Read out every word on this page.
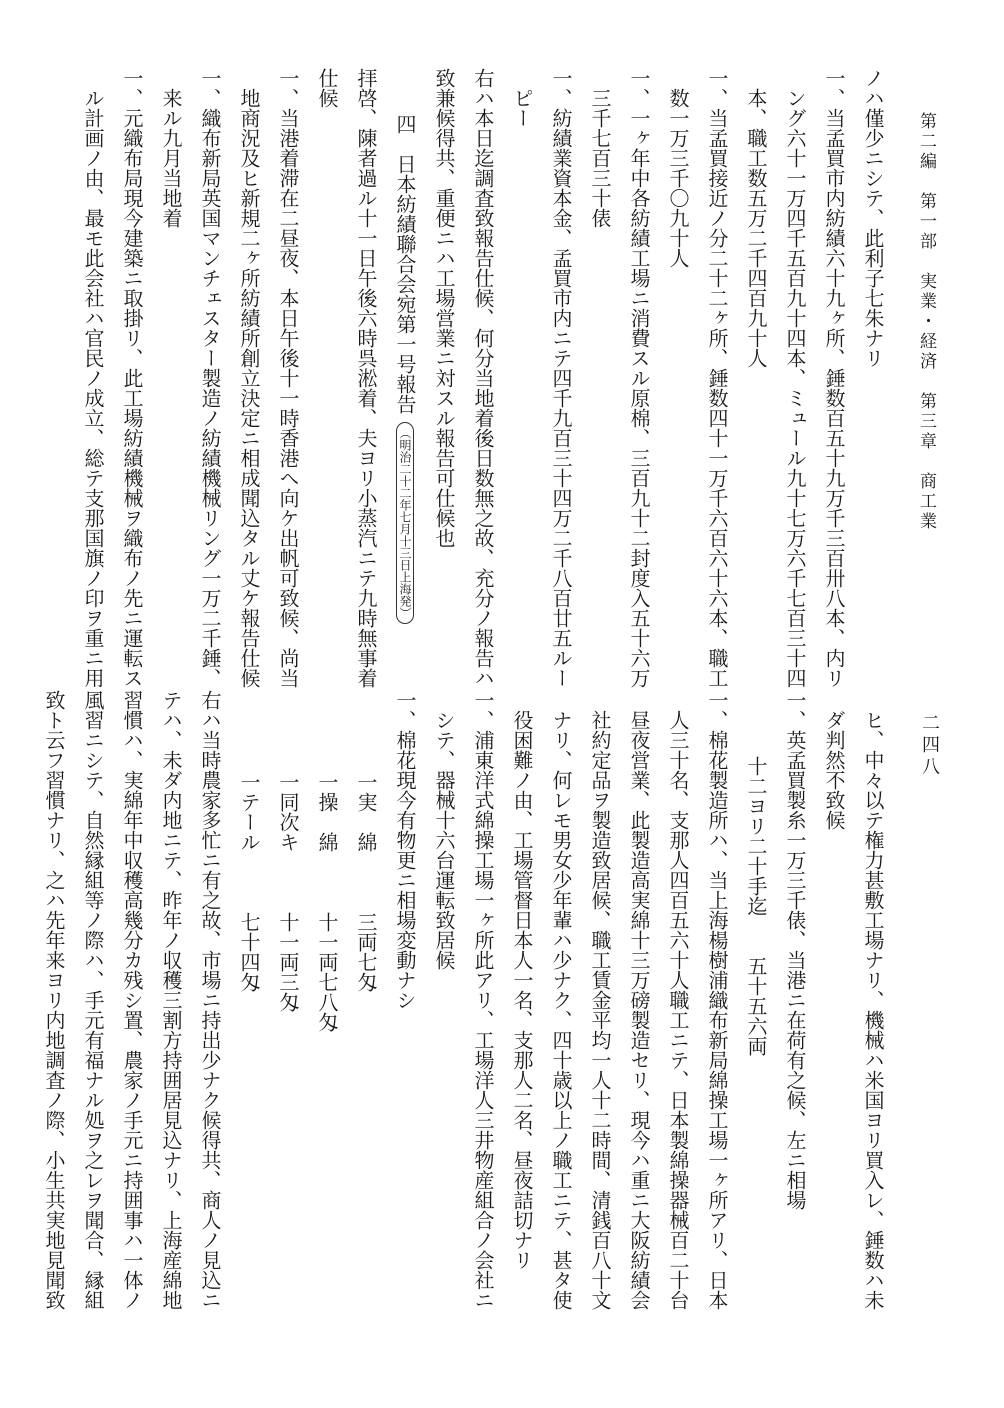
第二編　第一部　実業・経済　第三章　商工業
二四八
ノハ僅少ニシテ、此利子七朱ナリ
一、当孟買市内紡績六十九ヶ所、錘数百五十九万千三百卅八本、内リ
ング六十一万四千五百九十四本、ミュール九十七万六千七百三十四
本、職工数五万二千四百九十人
一、当孟買接近ノ分二十二ヶ所、錘数四十一万千六百六十六本、職工
数一万三千〇九十人
一、一ヶ年中各紡績工場ニ消費スル原棉、三百九十二封度入五十六万
三千七百三十俵
一、紡績業資本金、孟買市内ニテ四千九百三十四万二千八百廿五ルー
ピー
右ハ本日迄調査致報告仕候、何分当地着後日数無之故、充分ノ報告ハ
致兼候得共、重便ニハ工場営業ニ対スル報告可仕候也
四　日本紡績聯合会宛第一号報告（明治二十二年七月十三日上海発）
拝啓、陳者過ル十一日午後六時呉淞着、夫ヨリ小蒸汽ニテ九時無事着
仕候
一、当港着滞在二昼夜、本日午後十一時香港へ向ケ出帆可致候、尚当
地商況及ヒ新規二ヶ所紡績所創立決定ニ相成聞込タル丈ケ報告仕候
一、織布新局英国マンチェスター製造ノ紡績機械リング一万二千錘、
来ル九月当地着
一、元織布局現今建築ニ取掛リ、此工場紡績機械ヲ織布ノ先ニ運転ス
ル計画ノ由、最モ此会社ハ官民ノ成立、総テ支那国旗ノ印ヲ重ニ用
ヒ、中々以テ権力甚敷工場ナリ、機械ハ米国ヨリ買入レ、錘数ハ未
ダ判然不致候
一、英孟買製糸一万三千俵、当港ニ在荷有之候、左ニ相場
十二ヨリ二十手迄　　五十五六両
一、棉花製造所ハ、当上海楊樹浦織布新局綿操工場一ヶ所アリ、日本
人三十名、支那人四百五六十人職工ニテ、日本製綿操器械百二十台
昼夜営業、此製造高実綿十三万磅製造セリ、現今ハ重ニ大阪紡績会
社約定品ヲ製造致居候、職工賃金平均一人十二時間、清銭百八十文
ナリ、何レモ男女少年輩ハ少ナク、四十歳以上ノ職工ニテ、甚タ使
役困難ノ由、工場管督日本人一名、支那人二名、昼夜詰切ナリ
一、浦東洋式綿操工場一ヶ所此アリ、工場洋人三井物産組合ノ会社ニ
シテ、器械十六台運転致居候
一、棉花現今有物更ニ相場変動ナシ
一実　綿　　　三両七匁
一操　綿　　　十一両七八匁
一同次キ　　　十一両三匁
一テール　　　七十四匁
右ハ当時農家多忙ニ有之故、市場ニ持出少ナク候得共、商人ノ見込ニ
テハ、未ダ内地ニテ、昨年ノ収穫三割方持囲居見込ナリ、上海産綿地
習慣ハ、実綿年中収穫高幾分カ残シ置、農家ノ手元ニ持囲事ハ一体ノ
風習ニシテ、自然縁組等ノ際ハ、手元有福ナル処ヲ之レヲ聞合、縁組
致ト云フ習慣ナリ、之ハ先年来ヨリ内地調査ノ際、小生共実地見聞致
